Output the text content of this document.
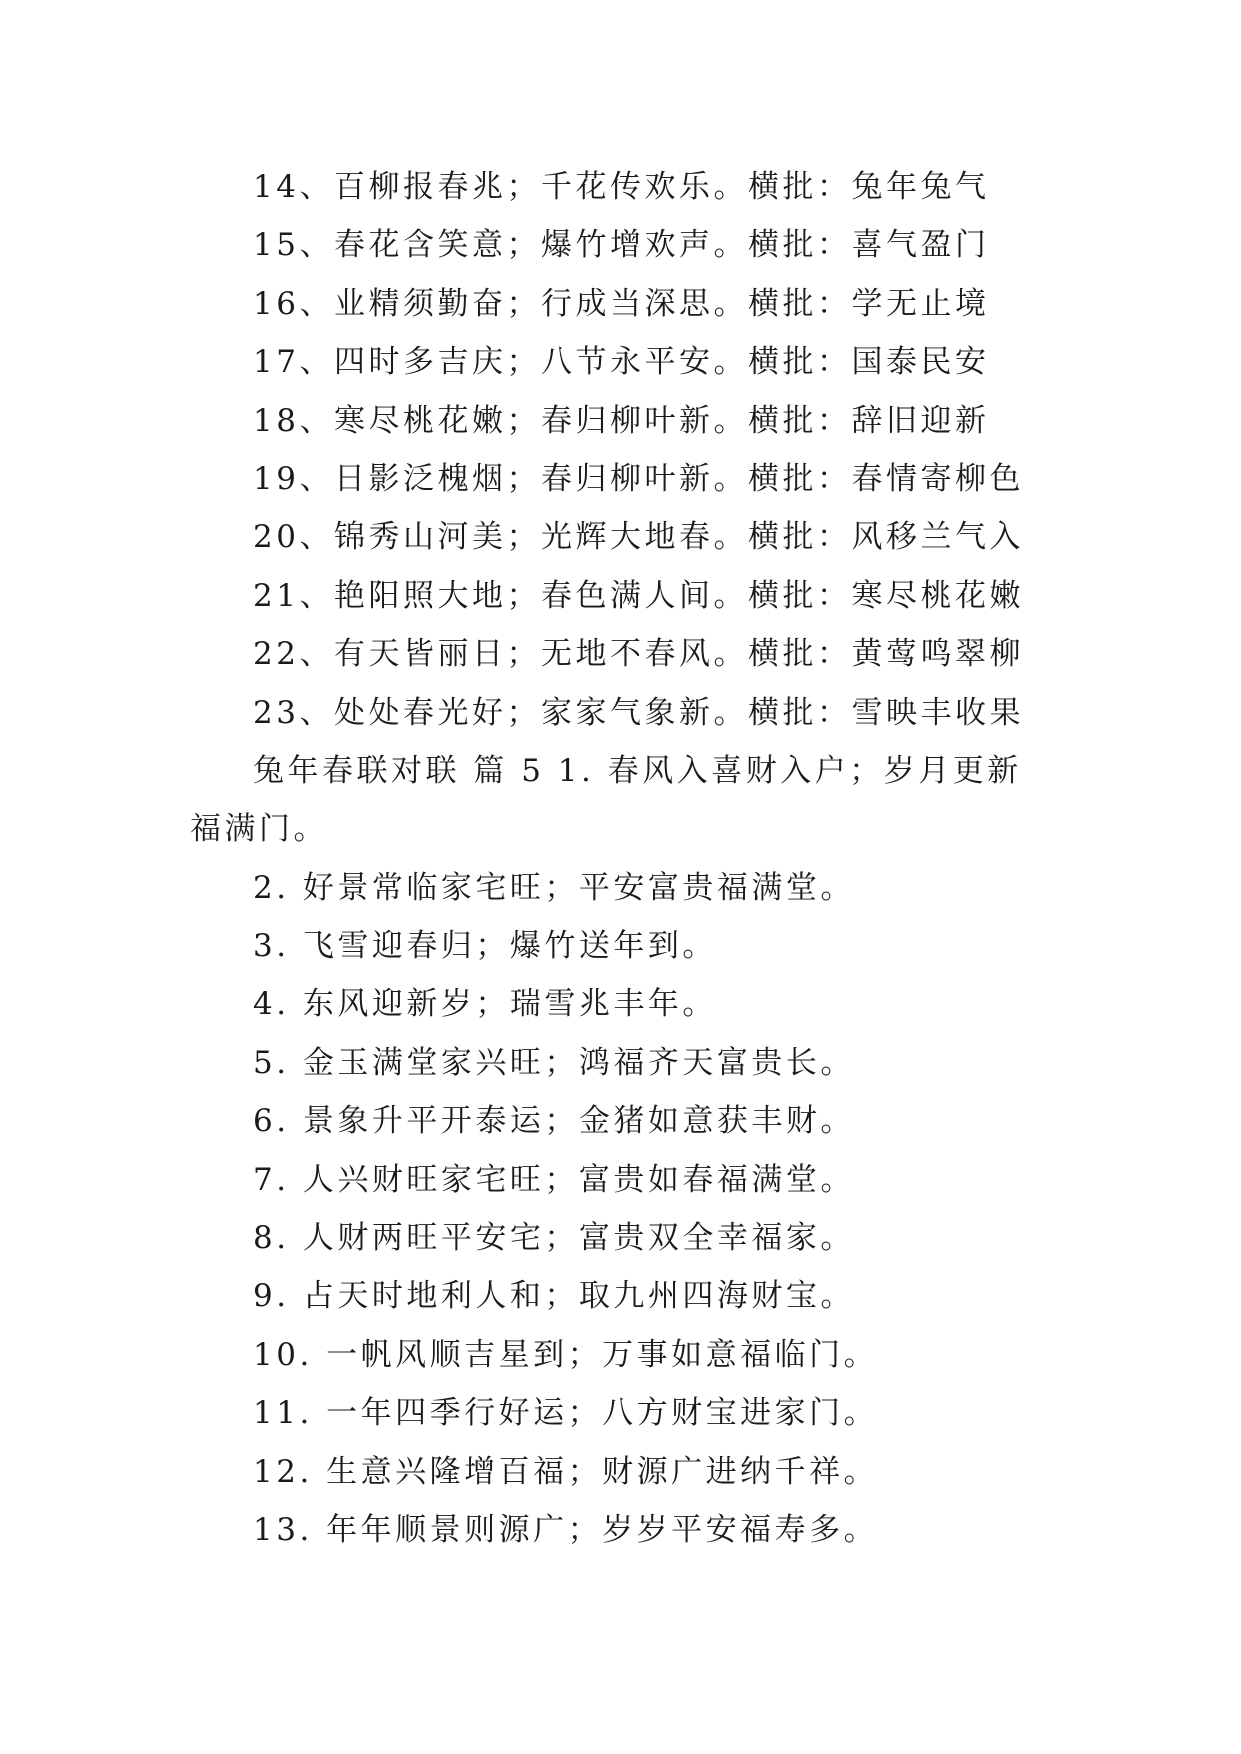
14、百柳报春兆；千花传欢乐。横批：兔年兔气
15、春花含笑意；爆竹增欢声。横批：喜气盈门
16、业精须勤奋；行成当深思。横批：学无止境
17、四时多吉庆；八节永平安。横批：国泰民安
18、寒尽桃花嫩；春归柳叶新。横批：辞旧迎新
19、日影泛槐烟；春归柳叶新。横批：春情寄柳色
20、锦秀山河美；光辉大地春。横批：风移兰气入
21、艳阳照大地；春色满人间。横批：寒尽桃花嫩
22、有天皆丽日；无地不春风。横批：黄莺鸣翠柳
23、处处春光好；家家气象新。横批：雪映丰收果
兔年春联对联 篇 5 1. 春风入喜财入户；岁月更新
福满门。
2. 好景常临家宅旺；平安富贵福满堂。
3. 飞雪迎春归；爆竹送年到。
4. 东风迎新岁；瑞雪兆丰年。
5. 金玉满堂家兴旺；鸿福齐天富贵长。
6. 景象升平开泰运；金猪如意获丰财。
7. 人兴财旺家宅旺；富贵如春福满堂。
8. 人财两旺平安宅；富贵双全幸福家。
9. 占天时地利人和；取九州四海财宝。
10. 一帆风顺吉星到；万事如意福临门。
11. 一年四季行好运；八方财宝进家门。
12. 生意兴隆增百福；财源广进纳千祥。
13. 年年顺景则源广；岁岁平安福寿多。
